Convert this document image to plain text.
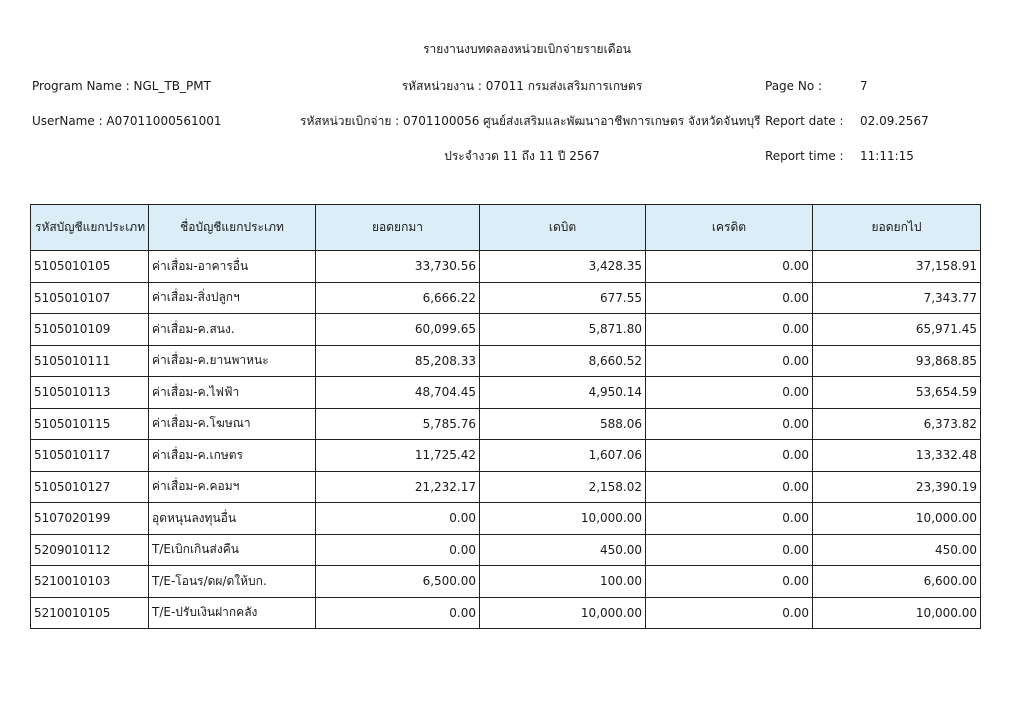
รายงานงบทดลองหน่วยเบิกจ่ายรายเดือน
Program Name : NGL_TB_PMT	รหัสหน่วยงาน : 07011 กรมส่งเสริมการเกษตร	Page No :	7
UserName : A07011000561001	รหัสหน่วยเบิกจ่าย : 0701100056 ศูนย์ส่งเสริมและพัฒนาอาชีพการเกษตร จังหวัดจันทบุรี Report date : 02.09.2567
ประจำงวด 11 ถึง 11 ปี 2567	Report time : 11:11:15
รหัสบัญชีแยกประเภท	ชื่อบัญชีแยกประเภท	ยอดยกมา	เดบิต	เครดิต	ยอดยกไป
5105010105	ค่าเสื่อม-อาคารอื่น	33,730.56	3,428.35	0.00	37,158.91
5105010107	ค่าเสื่อม-สิ่งปลูกฯ	6,666.22	677.55	0.00	7,343.77
5105010109	ค่าเสื่อม-ค.สนง.	60,099.65	5,871.80	0.00	65,971.45
5105010111	ค่าเสื่อม-ค.ยานพาหนะ	85,208.33	8,660.52	0.00	93,868.85
5105010113	ค่าเสื่อม-ค.ไฟฟ้า	48,704.45	4,950.14	0.00	53,654.59
5105010115	ค่าเสื่อม-ค.โฆษณา	5,785.76	588.06	0.00	6,373.82
5105010117	ค่าเสื่อม-ค.เกษตร	11,725.42	1,607.06	0.00	13,332.48
5105010127	ค่าเสื่อม-ค.คอมฯ	21,232.17	2,158.02	0.00	23,390.19
5107020199	อุดหนุนลงทุนอื่น	0.00	10,000.00	0.00	10,000.00
5209010112	T/Eเบิกเกินส่งคืน	0.00	450.00	0.00	450.00
5210010103	T/E-โอนร/ดผ/ดให้บก.	6,500.00	100.00	0.00	6,600.00
5210010105	T/E-ปรับเงินฝากคลัง	0.00	10,000.00	0.00	10,000.00
